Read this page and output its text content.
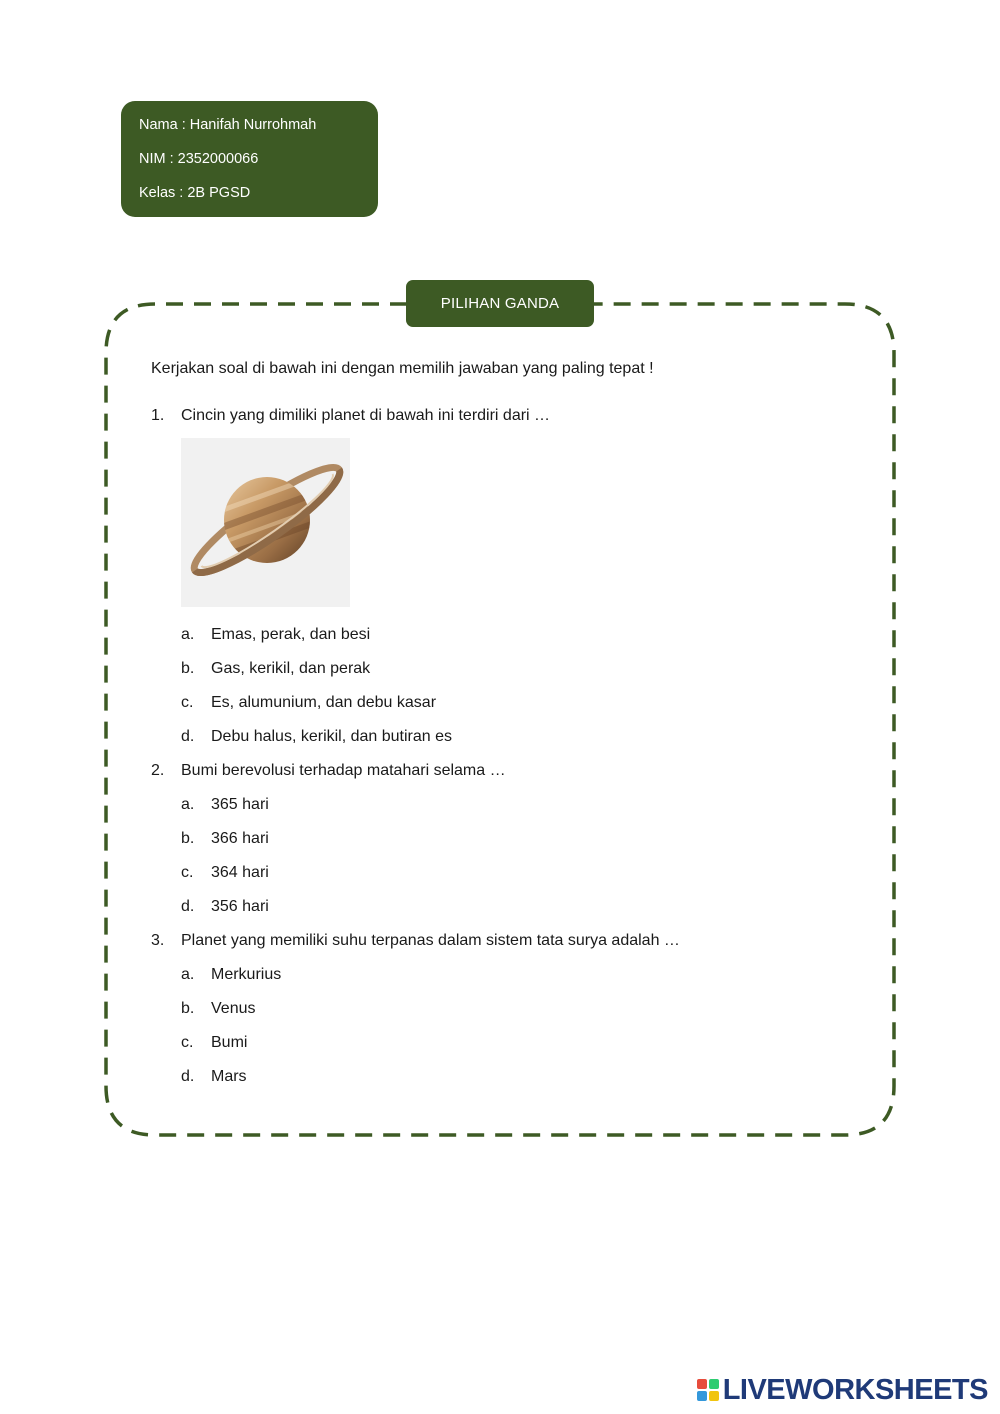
Nama : Hanifah Nurrohmah
NIM : 2352000066
Kelas : 2B PGSD
PILIHAN GANDA
Kerjakan soal di bawah ini dengan memilih jawaban yang paling tepat !
1.	Cincin yang dimiliki planet di bawah ini terdiri dari …
a.	Emas, perak, dan besi
b.	Gas, kerikil, dan perak
c.	Es, alumunium, dan debu kasar
d.	Debu halus, kerikil, dan butiran es
2.	Bumi berevolusi terhadap matahari selama …
a.	365 hari
b.	366 hari
c.	364 hari
d.	356 hari
3.	Planet yang memiliki suhu terpanas dalam sistem tata surya adalah …
a.	Merkurius
b.	Venus
c.	Bumi
d.	Mars
LIVEWORKSHEETS
